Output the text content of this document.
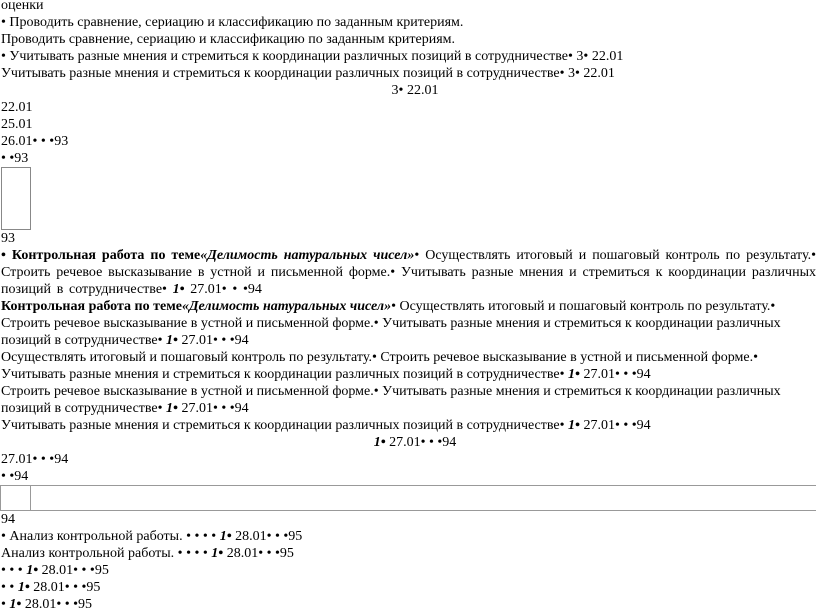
оценки
• Проводить сравнение, сериацию и классификацию по заданным критериям.
Проводить сравнение, сериацию и классификацию по заданным критериям.
• Учитывать разные мнения и стремиться к координации различных позиций в сотрудничестве• 3• 22.01
Учитывать разные мнения и стремиться к координации различных позиций в сотрудничестве• 3• 22.01
3• 22.01
22.01
25.01
26.01• • •93
• •93
93
• Контрольная работа по теме«Делимость натуральных чисел»• Осуществлять итоговый и пошаговый контроль по результату.• Строить речевое высказывание в устной и письменной форме.• Учитывать разные мнения и стремиться к координации различных позиций в сотрудничестве• 1• 27.01• • •94
Контрольная работа по теме«Делимость натуральных чисел»• Осуществлять итоговый и пошаговый контроль по результату.• Строить речевое высказывание в устной и письменной форме.• Учитывать разные мнения и стремиться к координации различных позиций в сотрудничестве• 1• 27.01• • •94
Осуществлять итоговый и пошаговый контроль по результату.• Строить речевое высказывание в устной и письменной форме.• Учитывать разные мнения и стремиться к координации различных позиций в сотрудничестве• 1• 27.01• • •94
Строить речевое высказывание в устной и письменной форме.• Учитывать разные мнения и стремиться к координации различных позиций в сотрудничестве• 1• 27.01• • •94
Учитывать разные мнения и стремиться к координации различных позиций в сотрудничестве• 1• 27.01• • •94
1• 27.01• • •94
27.01• • •94
• •94
94
• Анализ контрольной работы. • • • • 1• 28.01• • •95
Анализ контрольной работы. • • • • 1• 28.01• • •95
• • • 1• 28.01• • •95
• • 1• 28.01• • •95
• 1• 28.01• • •95
